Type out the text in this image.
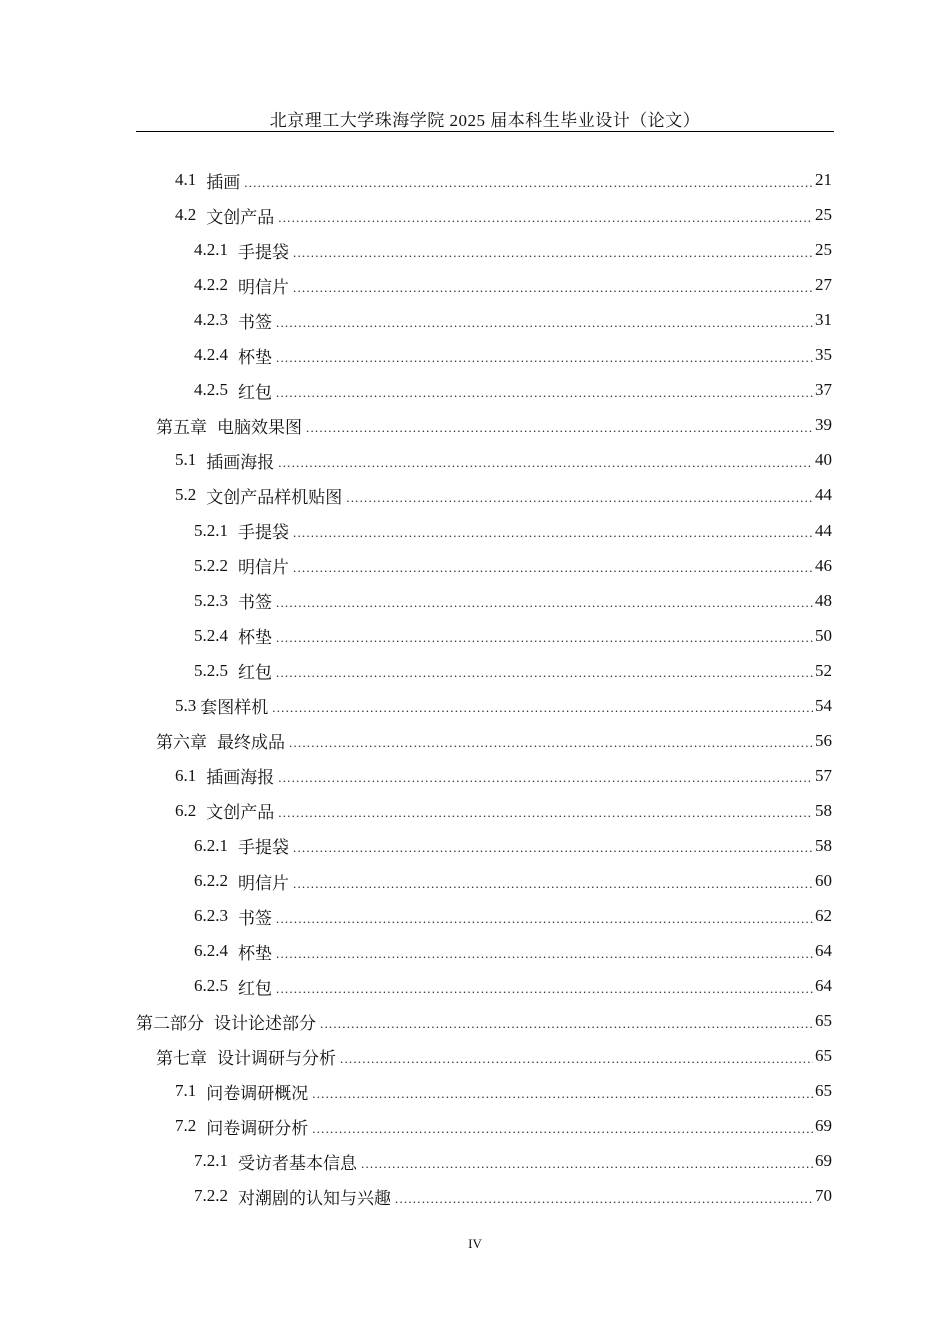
北京理工大学珠海学院 2025 届本科生毕业设计（论文）
4.1 插画 .....	21
4.2 文创产品 .....	25
4.2.1 手提袋 .....	25
4.2.2 明信片 .....	27
4.2.3 书签 .....	31
4.2.4 杯垫 .....	35
4.2.5 红包 .....	37
第五章 电脑效果图 .....	39
5.1 插画海报 .....	40
5.2 文创产品样机贴图 .....	44
5.2.1 手提袋 .....	44
5.2.2 明信片 .....	46
5.2.3 书签 .....	48
5.2.4 杯垫 .....	50
5.2.5 红包 .....	52
5.3 套图样机 .....	54
第六章 最终成品 .....	56
6.1 插画海报 .....	57
6.2 文创产品 .....	58
6.2.1 手提袋 .....	58
6.2.2 明信片 .....	60
6.2.3 书签 .....	62
6.2.4 杯垫 .....	64
6.2.5 红包 .....	64
第二部分 设计论述部分 .....	65
第七章 设计调研与分析 .....	65
7.1 问卷调研概况 .....	65
7.2 问卷调研分析 .....	69
7.2.1 受访者基本信息 .....	69
7.2.2 对潮剧的认知与兴趣 .....	70
IV
